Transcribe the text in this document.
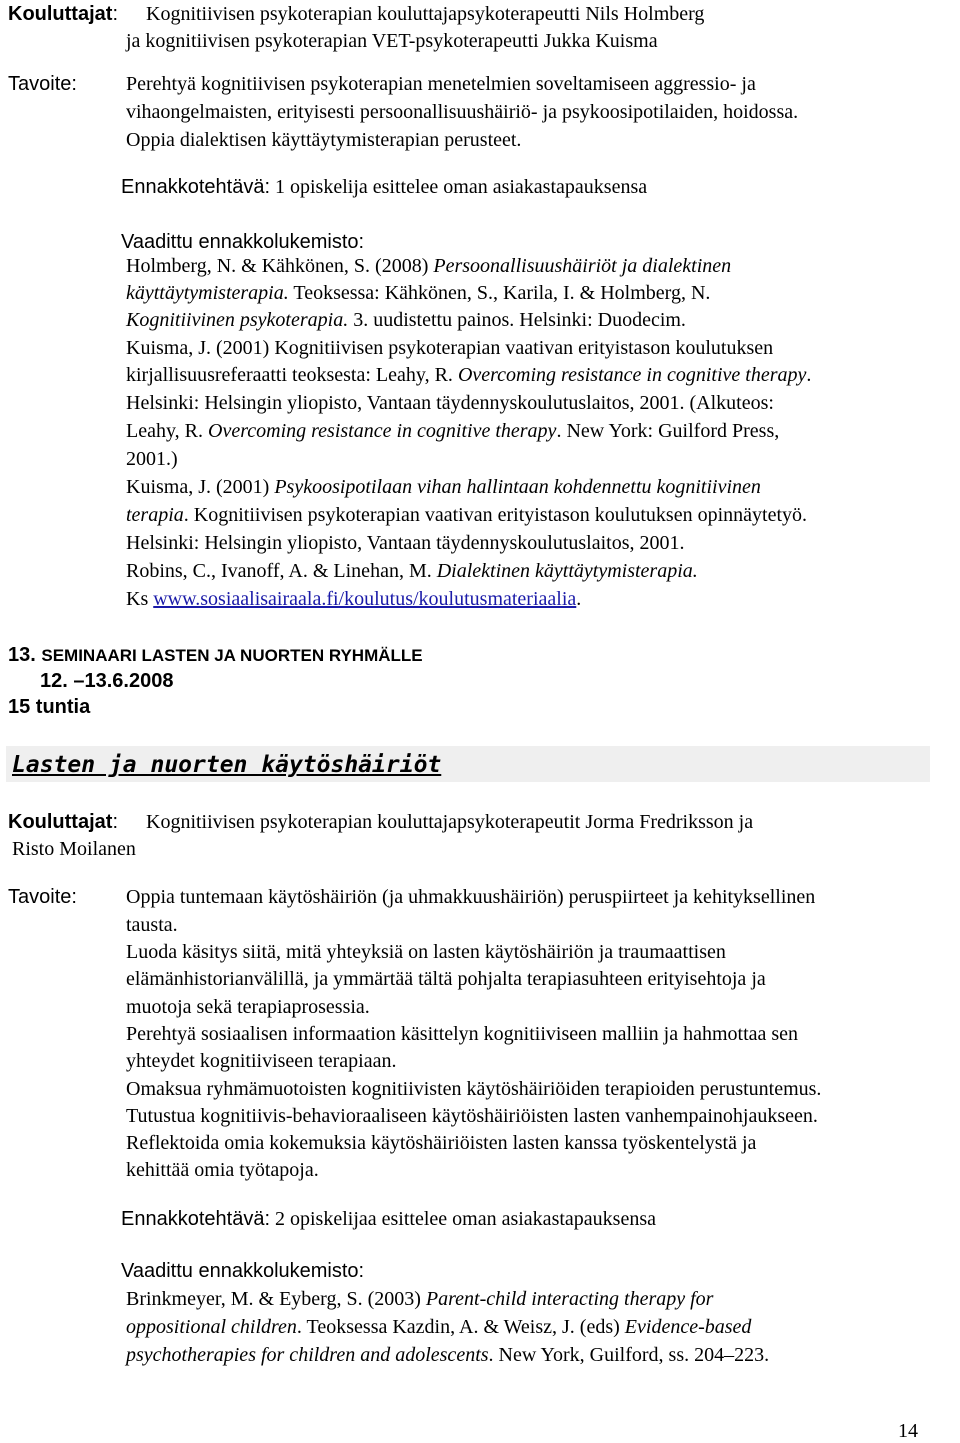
Kouluttajat: Kognitiivisen psykoterapian kouluttajapsykoterapeutti Nils Holmberg
ja kognitiivisen psykoterapian VET-psykoterapeutti Jukka Kuisma
Tavoite: Perehtyä kognitiivisen psykoterapian menetelmien soveltamiseen aggressio- ja
vihaongelmaisten, erityisesti persoonallisuushäiriö- ja psykoosipotilaiden, hoidossa.
Oppia dialektisen käyttäytymisterapian perusteet.
Ennakkotehtävä: 1 opiskelija esittelee oman asiakastapauksensa
Vaadittu ennakkolukemisto:
Holmberg, N. & Kähkönen, S. (2008) Persoonallisuushäiriöt ja dialektinen
käyttäytymisterapia. Teoksessa: Kähkönen, S., Karila, I. & Holmberg, N.
Kognitiivinen psykoterapia. 3. uudistettu painos. Helsinki: Duodecim.
Kuisma, J. (2001) Kognitiivisen psykoterapian vaativan erityistason koulutuksen
kirjallisuusreferaatti teoksesta: Leahy, R. Overcoming resistance in cognitive therapy.
Helsinki: Helsingin yliopisto, Vantaan täydennyskoulutuslaitos, 2001. (Alkuteos:
Leahy, R. Overcoming resistance in cognitive therapy. New York: Guilford Press,
2001.)
Kuisma, J. (2001) Psykoosipotilaan vihan hallintaan kohdennettu kognitiivinen
terapia. Kognitiivisen psykoterapian vaativan erityistason koulutuksen opinnäytetyö.
Helsinki: Helsingin yliopisto, Vantaan täydennyskoulutuslaitos, 2001.
Robins, C., Ivanoff, A. & Linehan, M. Dialektinen käyttäytymisterapia.
Ks www.sosiaalisairaala.fi/koulutus/koulutusmateriaalia.
13. SEMINAARI LASTEN JA NUORTEN RYHMÄLLE
12. –13.6.2008
15 tuntia
Lasten ja nuorten käytöshäiriöt
Kouluttajat: Kognitiivisen psykoterapian kouluttajapsykoterapeutit Jorma Fredriksson ja
Risto Moilanen
Tavoite: Oppia tuntemaan käytöshäiriön (ja uhmakkuushäiriön) peruspiirteet ja kehityksellinen
tausta.
Luoda käsitys siitä, mitä yhteyksiä on lasten käytöshäiriön ja traumaattisen
elämänhistorianvälillä, ja ymmärtää tältä pohjalta terapiasuhteen erityisehtoja ja
muotoja sekä terapiaprosessia.
Perehtyä sosiaalisen informaation käsittelyn kognitiiviseen malliin ja hahmottaa sen
yhteydet kognitiiviseen terapiaan.
Omaksua ryhmämuotoisten kognitiivisten käytöshäiriöiden terapioiden perustuntemus.
Tutustua kognitiivis-behavioraaliseen käytöshäiriöisten lasten vanhempainohjaukseen.
Reflektoida omia kokemuksia käytöshäiriöisten lasten kanssa työskentelystä ja
kehittää omia työtapoja.
Ennakkotehtävä: 2 opiskelijaa esittelee oman asiakastapauksensa
Vaadittu ennakkolukemisto:
Brinkmeyer, M. & Eyberg, S. (2003) Parent-child interacting therapy for
oppositional children. Teoksessa Kazdin, A. & Weisz, J. (eds) Evidence-based
psychotherapies for children and adolescents. New York, Guilford, ss. 204–223.
14
